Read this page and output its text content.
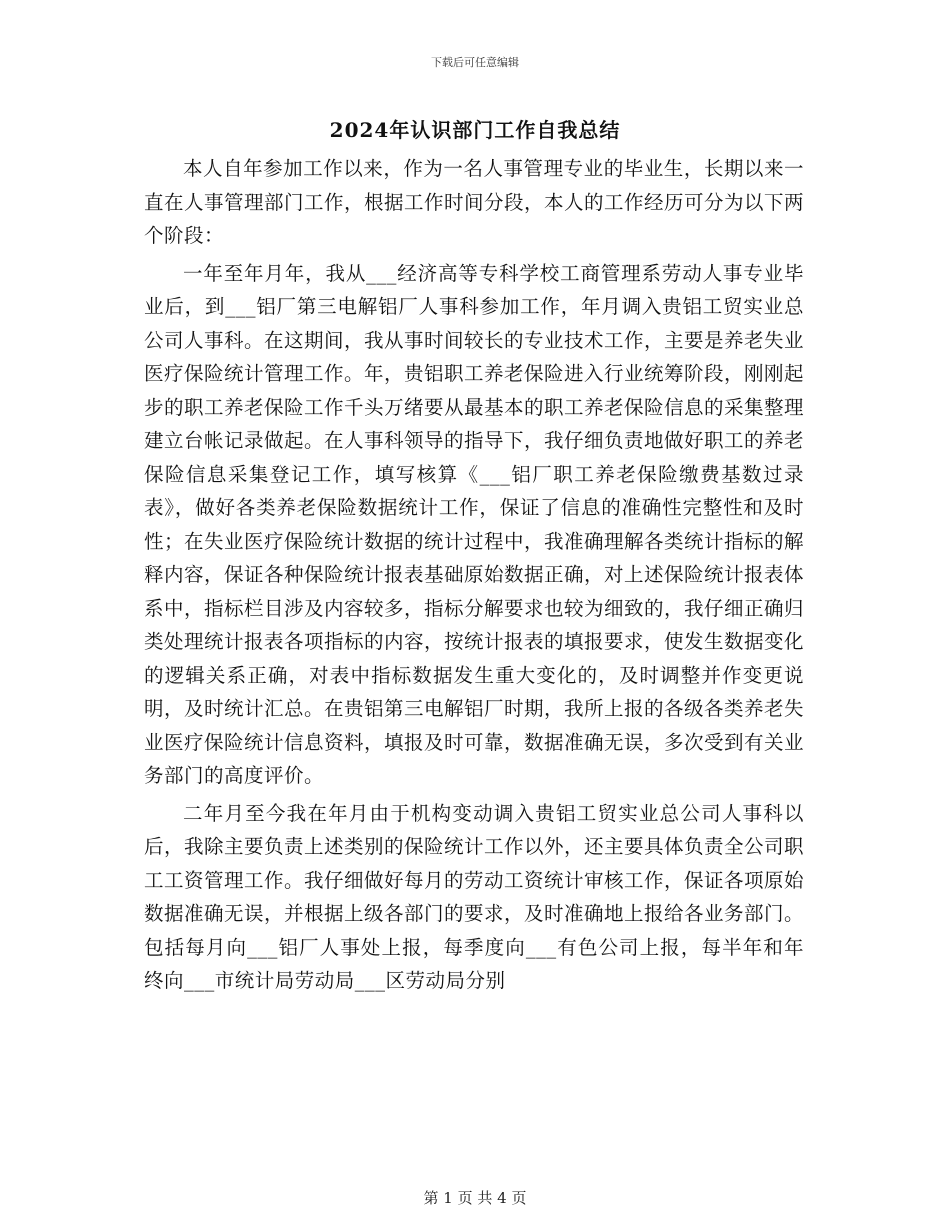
下载后可任意编辑
2024年认识部门工作自我总结

本人自年参加工作以来，作为一名人事管理专业的毕业生，长期以来一直在人事管理部门工作，根据工作时间分段，本人的工作经历可分为以下两个阶段：

一年至年月年，我从___经济高等专科学校工商管理系劳动人事专业毕业后，到___铝厂第三电解铝厂人事科参加工作，年月调入贵铝工贸实业总公司人事科。在这期间，我从事时间较长的专业技术工作，主要是养老失业医疗保险统计管理工作。年，贵铝职工养老保险进入行业统筹阶段，刚刚起步的职工养老保险工作千头万绪要从最基本的职工养老保险信息的采集整理建立台帐记录做起。在人事科领导的指导下，我仔细负责地做好职工的养老保险信息采集登记工作，填写核算《___铝厂职工养老保险缴费基数过录表》，做好各类养老保险数据统计工作，保证了信息的准确性完整性和及时性；在失业医疗保险统计数据的统计过程中，我准确理解各类统计指标的解释内容，保证各种保险统计报表基础原始数据正确，对上述保险统计报表体系中，指标栏目涉及内容较多，指标分解要求也较为细致的，我仔细正确归类处理统计报表各项指标的内容，按统计报表的填报要求，使发生数据变化的逻辑关系正确，对表中指标数据发生重大变化的，及时调整并作变更说明，及时统计汇总。在贵铝第三电解铝厂时期，我所上报的各级各类养老失业医疗保险统计信息资料，填报及时可靠，数据准确无误，多次受到有关业务部门的高度评价。

二年月至今我在年月由于机构变动调入贵铝工贸实业总公司人事科以后，我除主要负责上述类别的保险统计工作以外，还主要具体负责全公司职工工资管理工作。我仔细做好每月的劳动工资统计审核工作，保证各项原始数据准确无误，并根据上级各部门的要求，及时准确地上报给各业务部门。包括每月向___铝厂人事处上报，每季度向___有色公司上报，每半年和年终向___市统计局劳动局___区劳动局分别

第 1 页 共 4 页
